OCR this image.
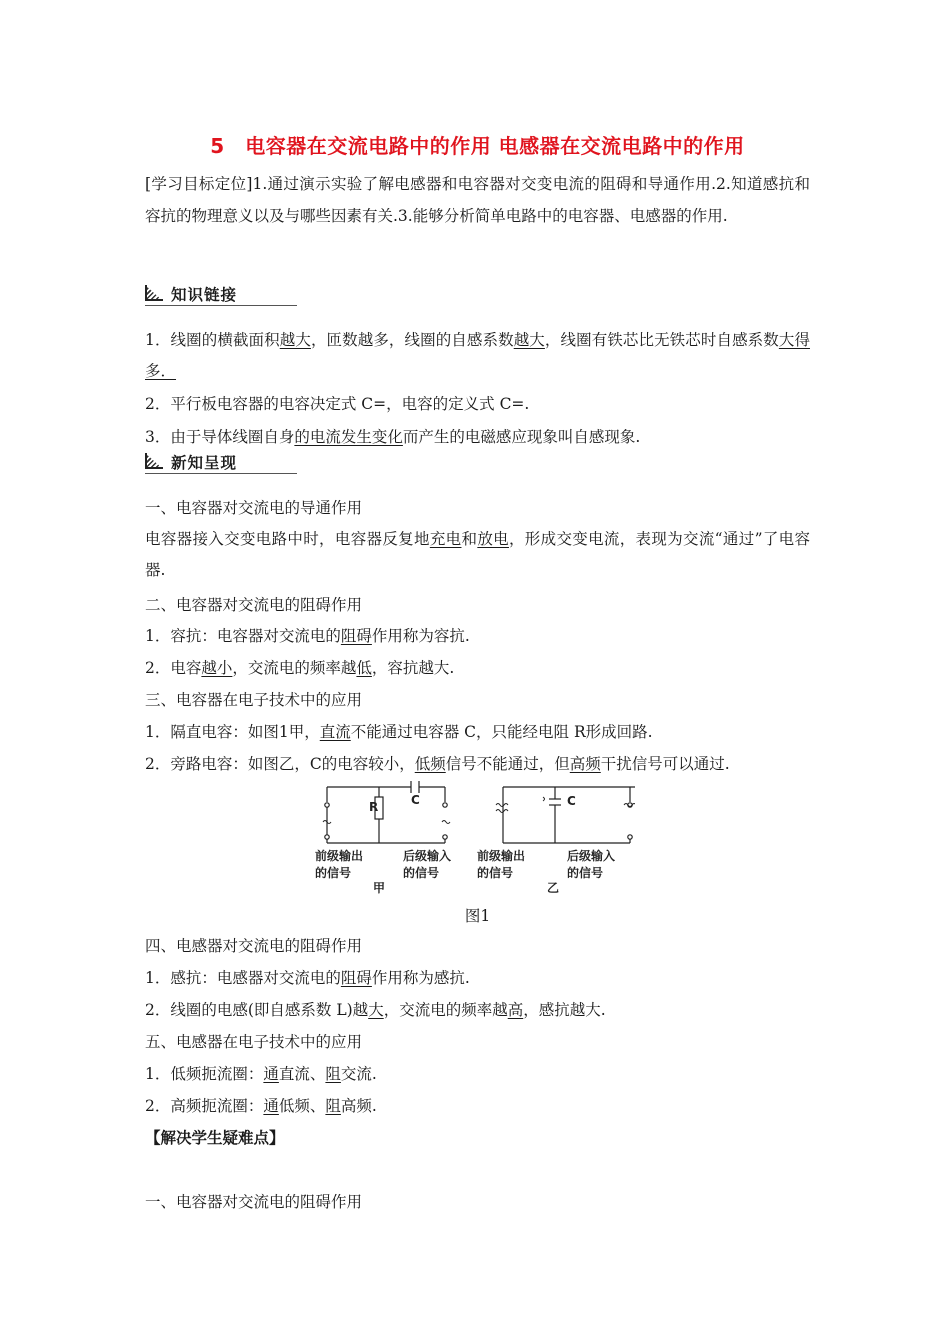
5　电容器在交流电路中的作用 电感器在交流电路中的作用
[学习目标定位]1.通过演示实验了解电感器和电容器对交变电流的阻碍和导通作用.2.知道感抗和容抗的物理意义以及与哪些因素有关.3.能够分析简单电路中的电容器、电感器的作用.
知识链接
1．线圈的横截面积越大，匝数越多，线圈的自感系数越大，线圈有铁芯比无铁芯时自感系数大得多．
2．平行板电容器的电容决定式 C=，电容的定义式 C=.
3．由于导体线圈自身的电流发生变化而产生的电磁感应现象叫自感现象.
新知呈现
一、电容器对交流电的导通作用
电容器接入交变电路中时，电容器反复地充电和放电，形成交变电流，表现为交流“通过”了电容器.
二、电容器对交流电的阻碍作用
1．容抗：电容器对交流电的阻碍作用称为容抗.
2．电容越小，交流电的频率越低，容抗越大.
三、电容器在电子技术中的应用
1．隔直电容：如图1甲，直流不能通过电容器 C，只能经电阻 R形成回路.
2．旁路电容：如图乙，C的电容较小，低频信号不能通过，但高频干扰信号可以通过.
R	C	C
前级输出
的信号
后级输入
的信号
前级输出
的信号
后级输入
的信号
甲	乙
图1
四、电感器对交流电的阻碍作用
1．感抗：电感器对交流电的阻碍作用称为感抗.
2．线圈的电感(即自感系数 L)越大，交流电的频率越高，感抗越大.
五、电感器在电子技术中的应用
1．低频扼流圈：通直流、阻交流.
2．高频扼流圈：通低频、阻高频.
【解决学生疑难点】
一、电容器对交流电的阻碍作用
